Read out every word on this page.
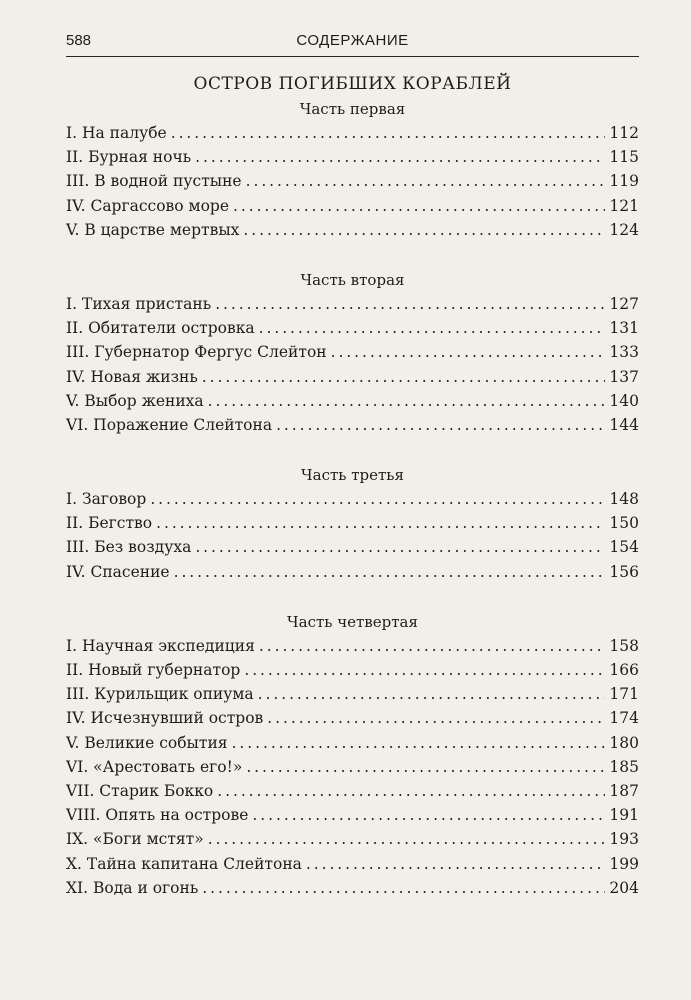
588	СОДЕРЖАНИЕ
ОСТРОВ ПОГИБШИХ КОРАБЛЕЙ
Часть первая
I. На палубе . . .	112
II. Бурная ночь . . .	115
III. В водной пустыне . . .	119
IV. Саргассово море . . .	121
V. В царстве мертвых . . .	124
Часть вторая
I. Тихая пристань . . .	127
II. Обитатели островка . . .	131
III. Губернатор Фергус Слейтон . . .	133
IV. Новая жизнь . . .	137
V. Выбор жениха . . .	140
VI. Поражение Слейтона . . .	144
Часть третья
I. Заговор . . .	148
II. Бегство . . .	150
III. Без воздуха . . .	154
IV. Спасение . . .	156
Часть четвертая
I. Научная экспедиция . . .	158
II. Новый губернатор . . .	166
III. Курильщик опиума . . .	171
IV. Исчезнувший остров . . .	174
V. Великие события . . .	180
VI. «Арестовать его!» . . .	185
VII. Старик Бокко . . .	187
VIII. Опять на острове . . .	191
IX. «Боги мстят» . . .	193
X. Тайна капитана Слейтона . . .	199
XI. Вода и огонь . . .	204
